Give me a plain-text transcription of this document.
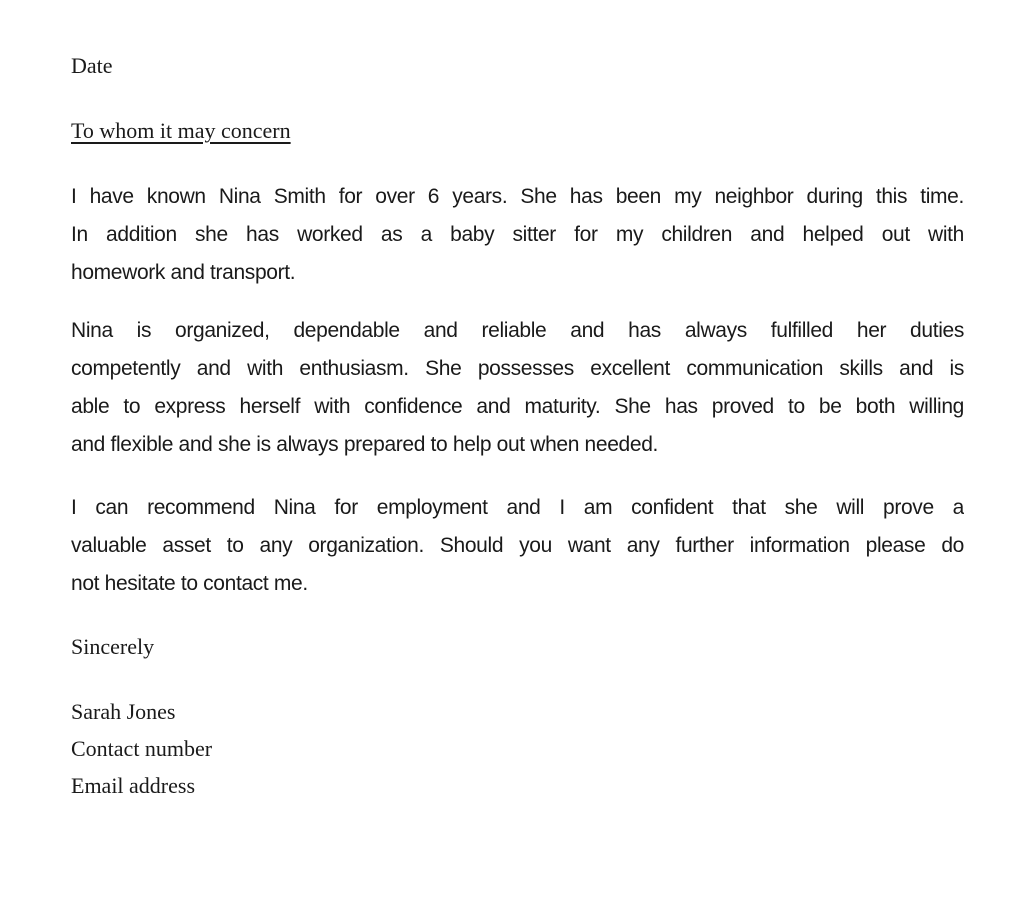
Date
To whom it may concern

I have known Nina Smith for over 6 years. She has been my neighbor during this time.
In addition she has worked as a baby sitter for my children and helped out with
homework and transport.

Nina is organized, dependable and reliable and has always fulfilled her duties
competently and with enthusiasm. She possesses excellent communication skills and is
able to express herself with confidence and maturity. She has proved to be both willing
and flexible and she is always prepared to help out when needed.

I can recommend Nina for employment and I am confident that she will prove a
valuable asset to any organization. Should you want any further information please do
not hesitate to contact me.

Sincerely
Sarah Jones
Contact number
Email address
